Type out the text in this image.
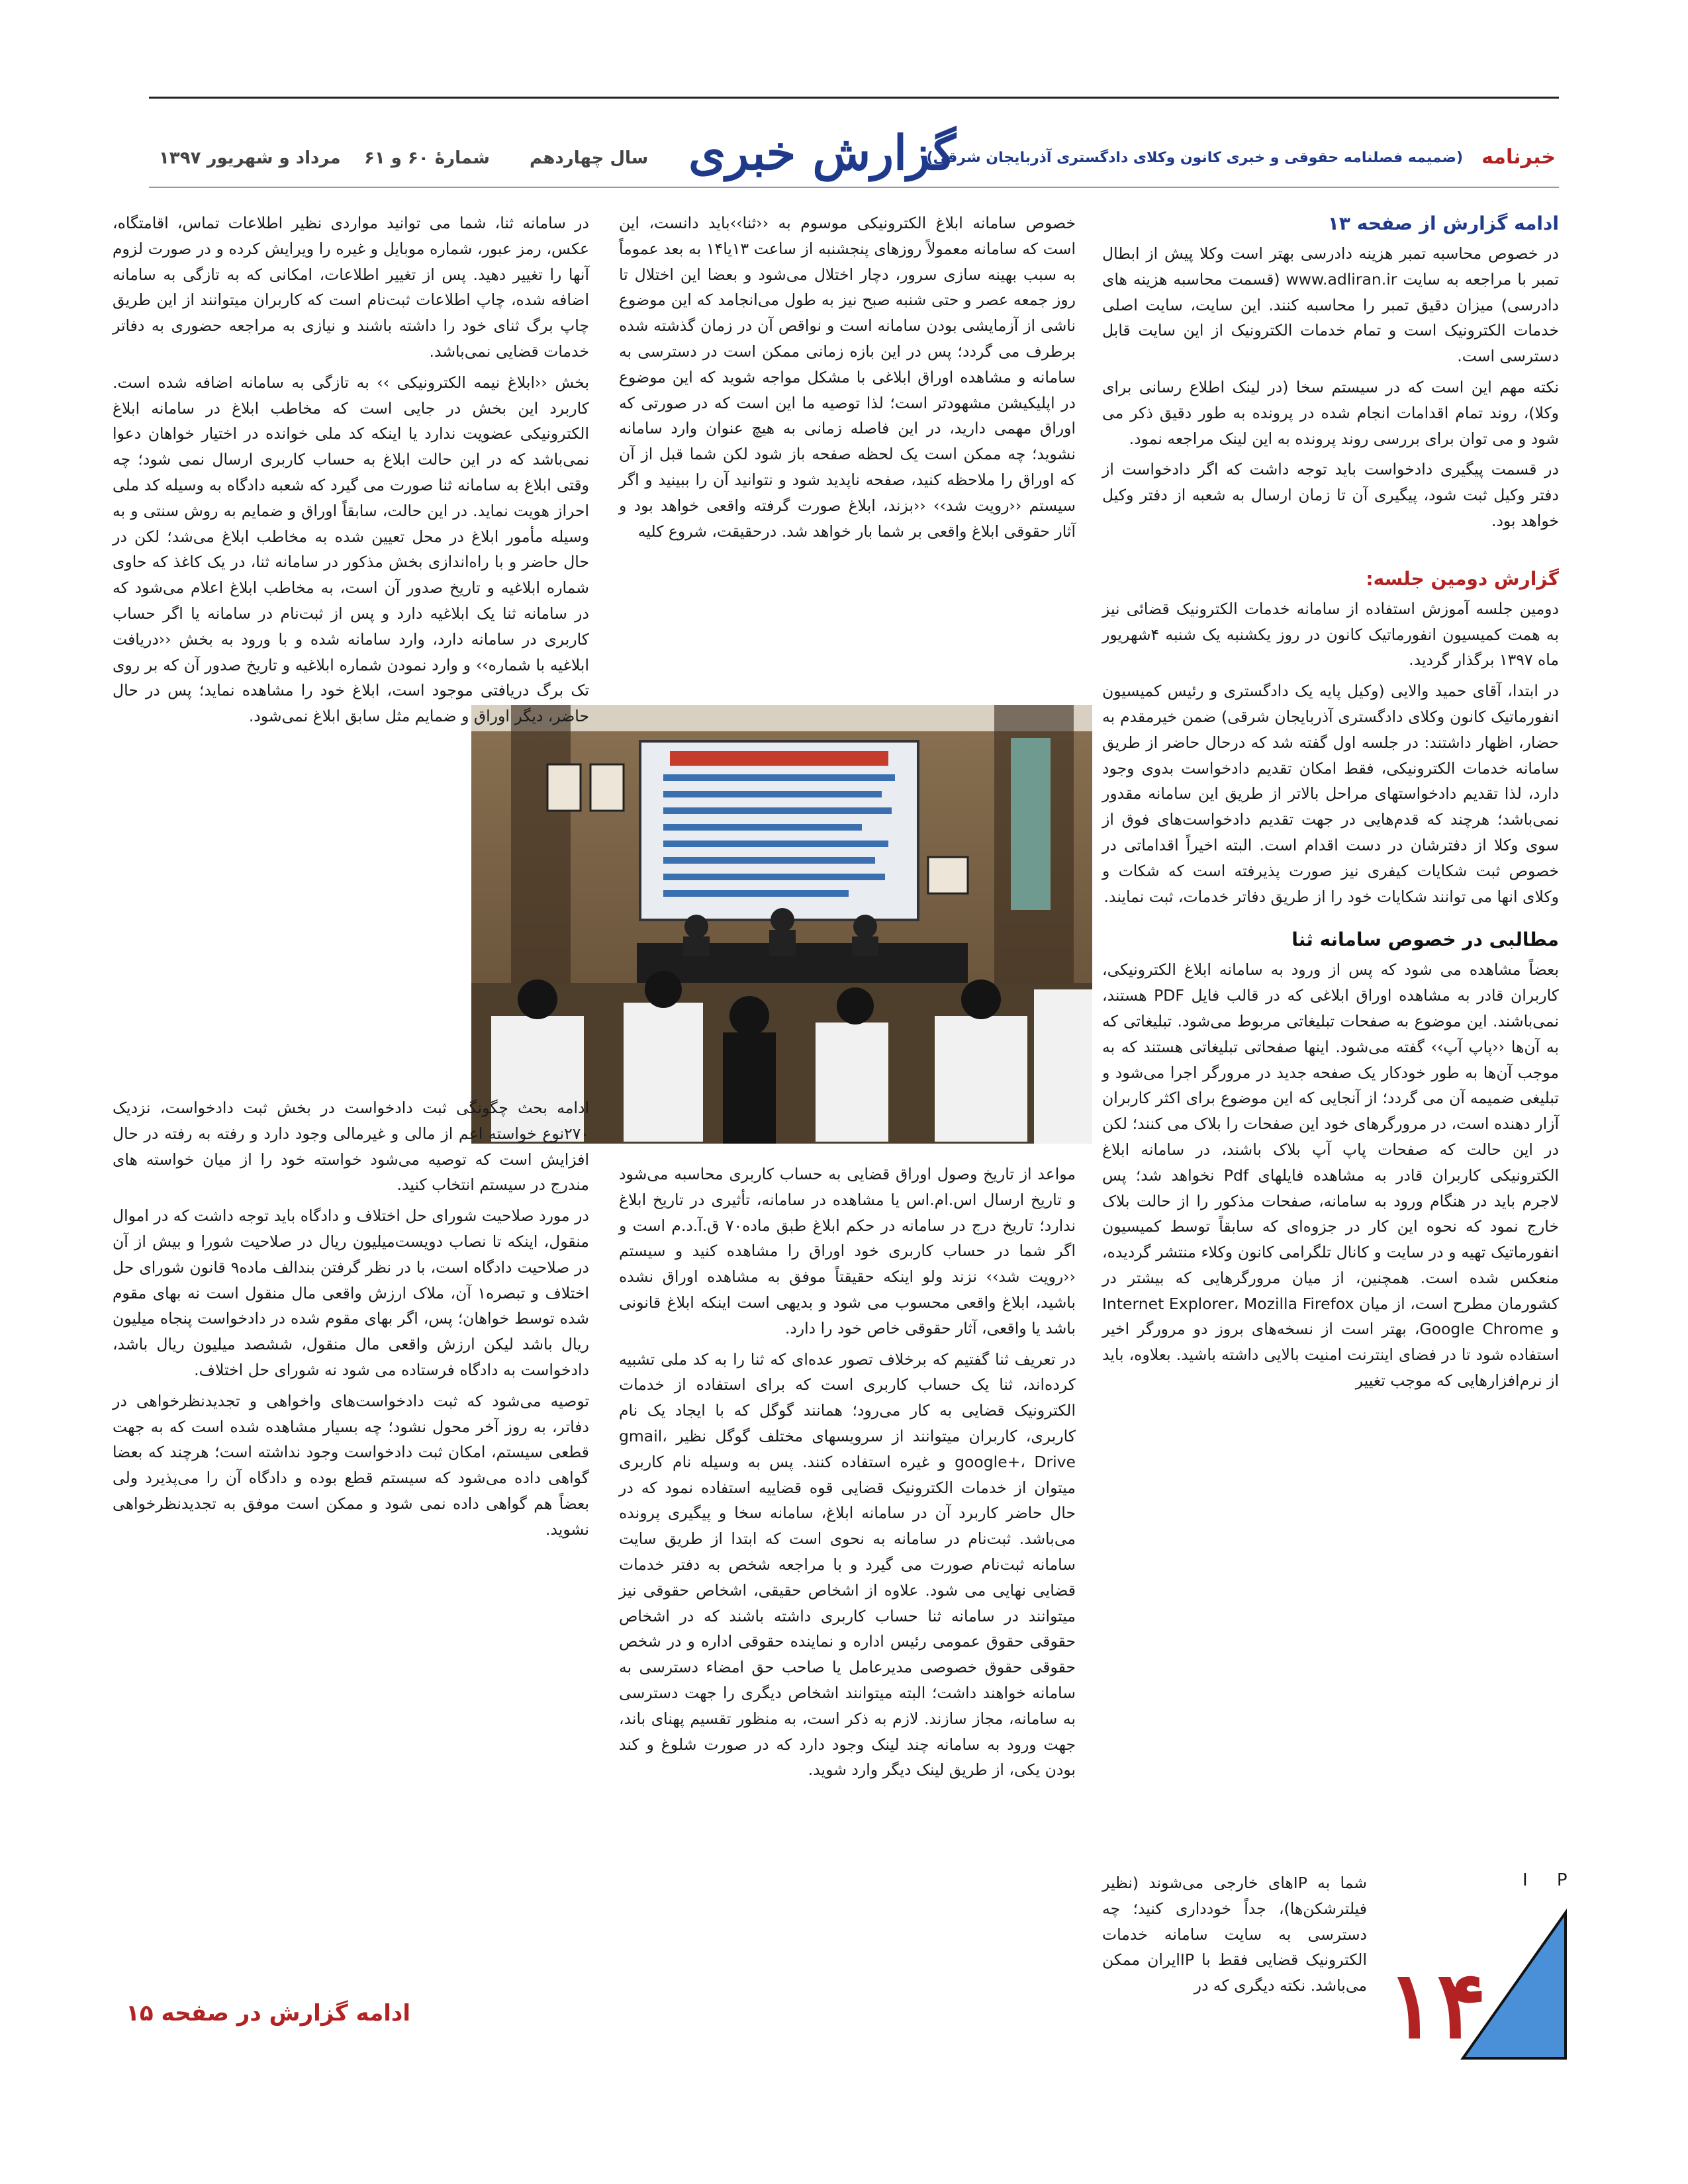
خبرنامه
(ضمیمه فصلنامه حقوقی و خبری کانون وکلای دادگستری آذربایجان شرقی)
گزارش خبری
سال چهاردهم
شمارهٔ ۶۰ و ۶۱
مرداد و شهریور ۱۳۹۷
ادامه گزارش از صفحه ۱۳

در خصوص محاسبه تمبر هزینه دادرسی بهتر است وکلا پیش از ابطال تمبر با مراجعه به سایت www.adliran.ir (قسمت محاسبه هزینه های دادرسی) میزان دقیق تمبر را محاسبه کنند. این سایت، سایت اصلی خدمات الکترونیک است و تمام خدمات الکترونیک از این سایت قابل دسترسی است.

نکته مهم این است که در سیستم سخا (در لینک اطلاع رسانی برای وکلا)، روند تمام اقدامات انجام شده در پرونده به طور دقیق ذکر می شود و می توان برای بررسی روند پرونده به این لینک مراجعه نمود.

در قسمت پیگیری دادخواست باید توجه داشت که اگر دادخواست از دفتر وکیل ثبت شود، پیگیری آن تا زمان ارسال به شعبه از دفتر وکیل خواهد بود.

گزارش دومین جلسه:

دومین جلسه آموزش استفاده از سامانه خدمات الکترونیک قضائی نیز به همت کمیسیون انفورماتیک کانون در روز یکشنبه یک شنبه ۴شهریور ماه ۱۳۹۷ برگذار گردید.

در ابتدا، آقای حمید والایی (وکیل پایه یک دادگستری و رئیس کمیسیون انفورماتیک کانون وکلای دادگستری آذربایجان شرقی) ضمن خیرمقدم به حضار، اظهار داشتند: در جلسه اول گفته شد که درحال حاضر از طریق سامانه خدمات الکترونیکی، فقط امکان تقدیم دادخواست بدوی وجود دارد، لذا تقدیم دادخواستهای مراحل بالاتر از طریق این سامانه مقدور نمی‌باشد؛ هرچند که قدم‌هایی در جهت تقدیم دادخواست‌های فوق از سوی وکلا از دفترشان در دست اقدام است. البته اخیراً اقداماتی در خصوص ثبت شکایات کیفری نیز صورت پذیرفته است که شکات و وکلای انها می توانند شکایات خود را از طریق دفاتر خدمات، ثبت نمایند.

مطالبی در خصوص سامانه ثنا

بعضاً مشاهده می شود که پس از ورود به سامانه ابلاغ الکترونیکی، کاربران قادر به مشاهده اوراق ابلاغی که در قالب فایل PDF هستند، نمی‌باشند. این موضوع به صفحات تبلیغاتی مربوط می‌شود. تبلیغاتی که به آن‌ها ‹‹پاپ آپ›› گفته می‌شود. اینها صفحاتی تبلیغاتی هستند که به موجب آن‌ها به طور خودکار یک صفحه جدید در مرورگر اجرا می‌شود و تبلیغی ضمیمه آن می گردد؛ از آنجایی که این موضوع برای اکثر کاربران آزار دهنده است، در مرورگرهای خود این صفحات را بلاک می کنند؛ لکن در این حالت که صفحات پاپ آپ بلاک باشند، در سامانه ابلاغ الکترونیکی کاربران قادر به مشاهده فایلهای Pdf نخواهد شد؛ پس لاجرم باید در هنگام ورود به سامانه، صفحات مذکور را از حالت بلاک خارج نمود که نحوه این کار در جزوه‌ای که سابقاً توسط کمیسیون انفورماتیک تهیه و در سایت و کانال تلگرامی کانون وکلاء منتشر گردیده، منعکس شده است. همچنین، از میان مرورگرهایی که بیشتر در کشورمان مطرح است، از میان Internet Explorer، Mozilla Firefox و Google Chrome، بهتر است از نسخه‌های بروز دو مرورگر اخیر استفاده شود تا در فضای اینترنت امنیت بالایی داشته باشید. بعلاوه، باید از نرم‌افزارهایی که موجب تغییر

I P
شما به IPهای خارجی می‌شوند (نظیر فیلترشکن‌ها)، جداً خودداری کنید؛ چه دسترسی به سایت سامانه خدمات الکترونیک قضایی فقط با IPایران ممکن می‌باشد. نکته دیگری که در ۱۴
خصوص سامانه ابلاغ الکترونیکی موسوم به ‹‹ثنا››باید دانست، این است که سامانه معمولاً روزهای پنجشنبه از ساعت ۱۳یا۱۴ به بعد عموماً به سبب بهینه سازی سرور، دچار اختلال می‌شود و بعضا این اختلال تا روز جمعه عصر و حتی شنبه صبح نیز به طول می‌انجامد که این موضوع ناشی از آزمایشی بودن سامانه است و نواقص آن در زمان گذشته شده برطرف می گردد؛ پس در این بازه زمانی ممکن است در دسترسی به سامانه و مشاهده اوراق ابلاغی با مشکل مواجه شوید که این موضوع در اپلیکیشن مشهودتر است؛ لذا توصیه ما این است که در صورتی که اوراق مهمی دارید، در این فاصله زمانی به هیچ عنوان وارد سامانه نشوید؛ چه ممکن است یک لحظه صفحه باز شود لکن شما قبل از آن که اوراق را ملاحظه کنید، صفحه ناپدید شود و نتوانید آن را ببینید و اگر سیستم ‹‹رویت شد›› ‹‹بزند، ابلاغ صورت گرفته واقعی خواهد بود و آثار حقوقی ابلاغ واقعی بر شما بار خواهد شد. درحقیقت، شروع کلیه

در سامانه ثنا، شما می توانید مواردی نظیر اطلاعات تماس، اقامتگاه، عکس، رمز عبور، شماره موبایل و غیره را ویرایش کرده و در صورت لزوم آنها را تغییر دهید. پس از تغییر اطلاعات، امکانی که به تازگی به سامانه اضافه شده، چاپ اطلاعات ثبت‌نام است که کاربران میتوانند از این طریق چاپ برگ ثنای خود را داشته باشند و نیازی به مراجعه حضوری به دفاتر خدمات قضایی نمی‌باشد.

بخش ‹‹ابلاغ نیمه الکترونیکی ›› به تازگی به سامانه اضافه شده است. کاربرد این بخش در جایی است که مخاطب ابلاغ در سامانه ابلاغ الکترونیکی عضویت ندارد یا اینکه کد ملی خوانده در اختیار خواهان دعوا نمی‌باشد که در این حالت ابلاغ به حساب کاربری ارسال نمی شود؛ چه وقتی ابلاغ به سامانه ثنا صورت می گیرد که شعبه دادگاه به وسیله کد ملی احراز هویت نماید. در این حالت، سابقاً اوراق و ضمایم به روش سنتی و به وسیله مأمور ابلاغ در محل تعیین شده به مخاطب ابلاغ می‌شد؛ لکن در حال حاضر و با راه‌اندازی بخش مذکور در سامانه ثنا، در یک کاغذ که حاوی شماره ابلاغیه و تاریخ صدور آن است، به مخاطب ابلاغ اعلام می‌شود که در سامانه ثنا یک ابلاغیه دارد و پس از ثبت‌نام در سامانه یا اگر حساب کاربری در سامانه دارد، وارد سامانه شده و با ورود به بخش ‹‹دریافت ابلاغیه با شماره›› و وارد نمودن شماره ابلاغیه و تاریخ صدور آن که بر روی تک برگ دریافتی موجود است، ابلاغ خود را مشاهده نماید؛ پس در حال حاضر، دیگر اوراق و ضمایم مثل سابق ابلاغ نمی‌شود.

ادامه بحث چگونگی ثبت دادخواست در بخش ثبت دادخواست، نزدیک ۲۷۰نوع خواسته اعم از مالی و غیرمالی وجود دارد و رفته به رفته در حال افزایش است که توصیه می‌شود خواسته خود را از میان خواسته های مندرج در سیستم انتخاب کنید.

در مورد صلاحیت شورای حل اختلاف و دادگاه باید توجه داشت که در اموال منقول، اینکه تا نصاب دویست‌میلیون ریال در صلاحیت شورا و بیش از آن در صلاحیت دادگاه است، با در نظر گرفتن بندالف ماده۹ قانون شورای حل اختلاف و تبصره۱ آن، ملاک ارزش واقعی مال منقول است نه بهای مقوم شده توسط خواهان؛ پس، اگر بهای مقوم شده در دادخواست پنجاه میلیون ریال باشد لیکن ارزش واقعی مال منقول، ششصد میلیون ریال باشد، دادخواست به دادگاه فرستاده می شود نه شورای حل اختلاف.

توصیه می‌شود که ثبت دادخواست‌های واخواهی و تجدیدنظرخواهی در دفاتر، به روز آخر محول نشود؛ چه بسیار مشاهده شده است که به جهت قطعی سیستم، امکان ثبت دادخواست وجود نداشته است؛ هرچند که بعضا گواهی داده می‌شود که سیستم قطع بوده و دادگاه آن را می‌پذیرد ولی بعضاً هم گواهی داده نمی شود و ممکن است موفق به تجدیدنظرخواهی نشوید.

مواعد از تاریخ وصول اوراق قضایی به حساب کاربری محاسبه می‌شود و تاریخ ارسال اس.ام.اس یا مشاهده در سامانه، تأثیری در تاریخ ابلاغ ندارد؛ تاریخ درج در سامانه در حکم ابلاغ طبق ماده۷۰ ق.آ.د.م است و اگر شما در حساب کاربری خود اوراق را مشاهده کنید و سیستم ‹‹رویت شد›› نزند ولو اینکه حقیقتاً موفق به مشاهده اوراق نشده باشید، ابلاغ واقعی محسوب می شود و بدیهی است اینکه ابلاغ قانونی باشد یا واقعی، آثار حقوقی خاص خود را دارد.

در تعریف ثنا گفتیم که برخلاف تصور عده‌ای که ثنا را به کد ملی تشبیه کرده‌اند، ثنا یک حساب کاربری است که برای استفاده از خدمات الکترونیک قضایی به کار می‌رود؛ همانند گوگل که با ایجاد یک نام کاربری، کاربران میتوانند از سرویسهای مختلف گوگل نظیر gmail، google+، Drive و غیره استفاده کنند. پس به وسیله نام کاربری میتوان از خدمات الکترونیک قضایی قوه قضاییه استفاده نمود که در حال حاضر کاربرد آن در سامانه ابلاغ، سامانه سخا و پیگیری پرونده می‌باشد. ثبت‌نام در سامانه به نحوی است که ابتدا از طریق سایت سامانه ثبت‌نام صورت می گیرد و با مراجعه شخص به دفتر خدمات قضایی نهایی می شود. علاوه از اشخاص حقیقی، اشخاص حقوقی نیز میتوانند در سامانه ثنا حساب کاربری داشته باشند که در اشخاص حقوقی حقوق عمومی رئیس اداره و نماینده حقوقی اداره و در شخص حقوقی حقوق خصوصی مدیرعامل یا صاحب حق امضاء دسترسی به سامانه خواهند داشت؛ البته میتوانند اشخاص دیگری را جهت دسترسی به سامانه، مجاز سازند. لازم به ذکر است، به منظور تقسیم پهنای باند، جهت ورود به سامانه چند لینک وجود دارد که در صورت شلوغ و کند بودن یکی، از طریق لینک دیگر وارد شوید.

ادامه گزارش در صفحه ۱۵
